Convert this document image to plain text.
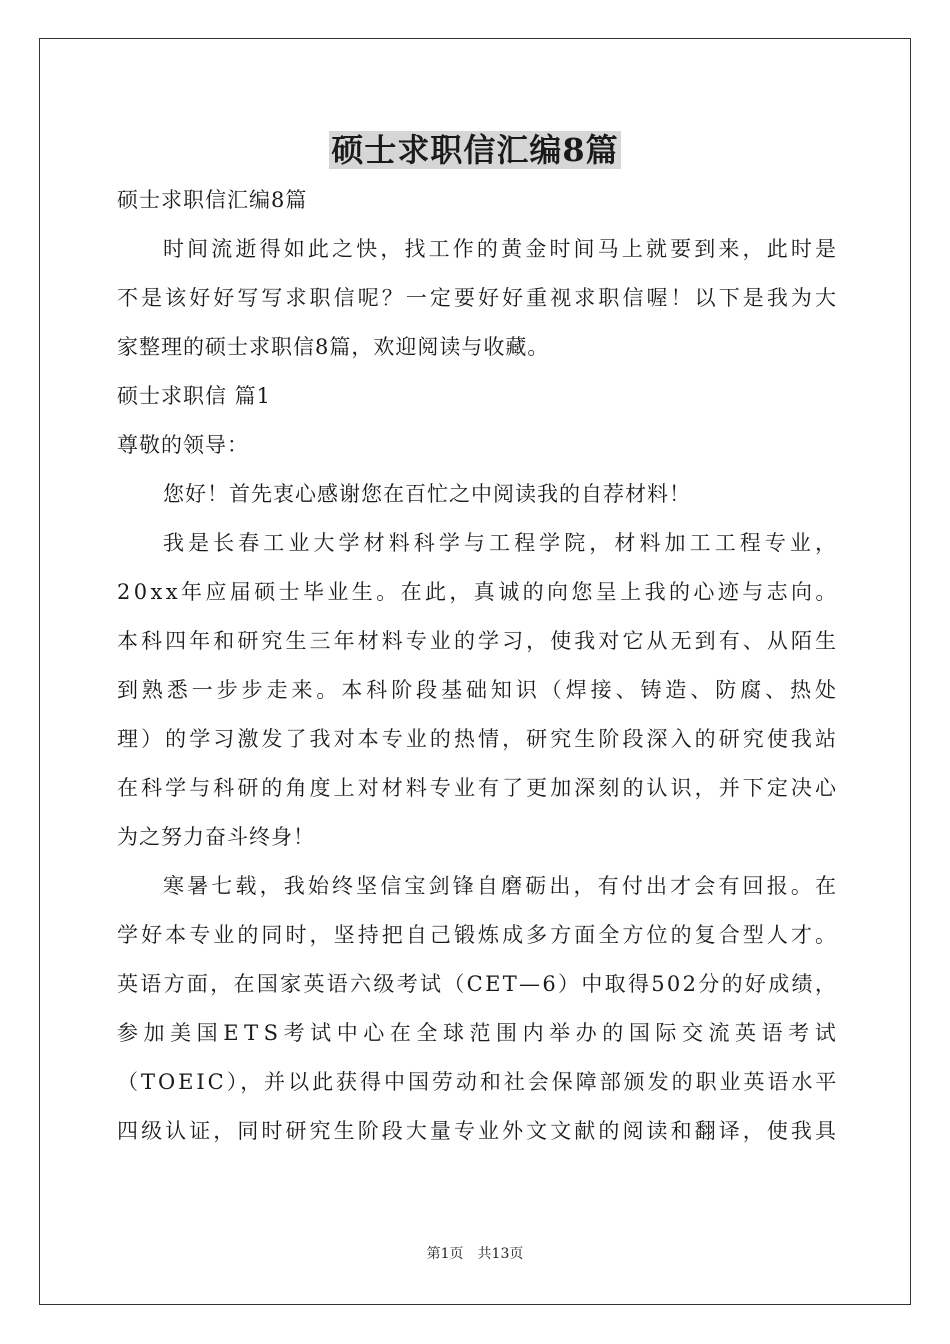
硕士求职信汇编8篇
硕士求职信汇编8篇
时间流逝得如此之快，找工作的黄金时间马上就要到来，此时是
不是该好好写写求职信呢？一定要好好重视求职信喔！以下是我为大
家整理的硕士求职信8篇，欢迎阅读与收藏。
硕士求职信 篇1
尊敬的领导：
您好！首先衷心感谢您在百忙之中阅读我的自荐材料！
我是长春工业大学材料科学与工程学院，材料加工工程专业，
20xx年应届硕士毕业生。在此，真诚的向您呈上我的心迹与志向。
本科四年和研究生三年材料专业的学习，使我对它从无到有、从陌生
到熟悉一步步走来。本科阶段基础知识（焊接、铸造、防腐、热处
理）的学习激发了我对本专业的热情，研究生阶段深入的研究使我站
在科学与科研的角度上对材料专业有了更加深刻的认识，并下定决心
为之努力奋斗终身！
寒暑七载，我始终坚信宝剑锋自磨砺出，有付出才会有回报。在
学好本专业的同时，坚持把自己锻炼成多方面全方位的复合型人才。
英语方面，在国家英语六级考试（CET—6）中取得502分的好成绩，
参加美国ETS考试中心在全球范围内举办的国际交流英语考试
（TOEIC），并以此获得中国劳动和社会保障部颁发的职业英语水平
四级认证，同时研究生阶段大量专业外文文献的阅读和翻译，使我具
第1页 共13页
